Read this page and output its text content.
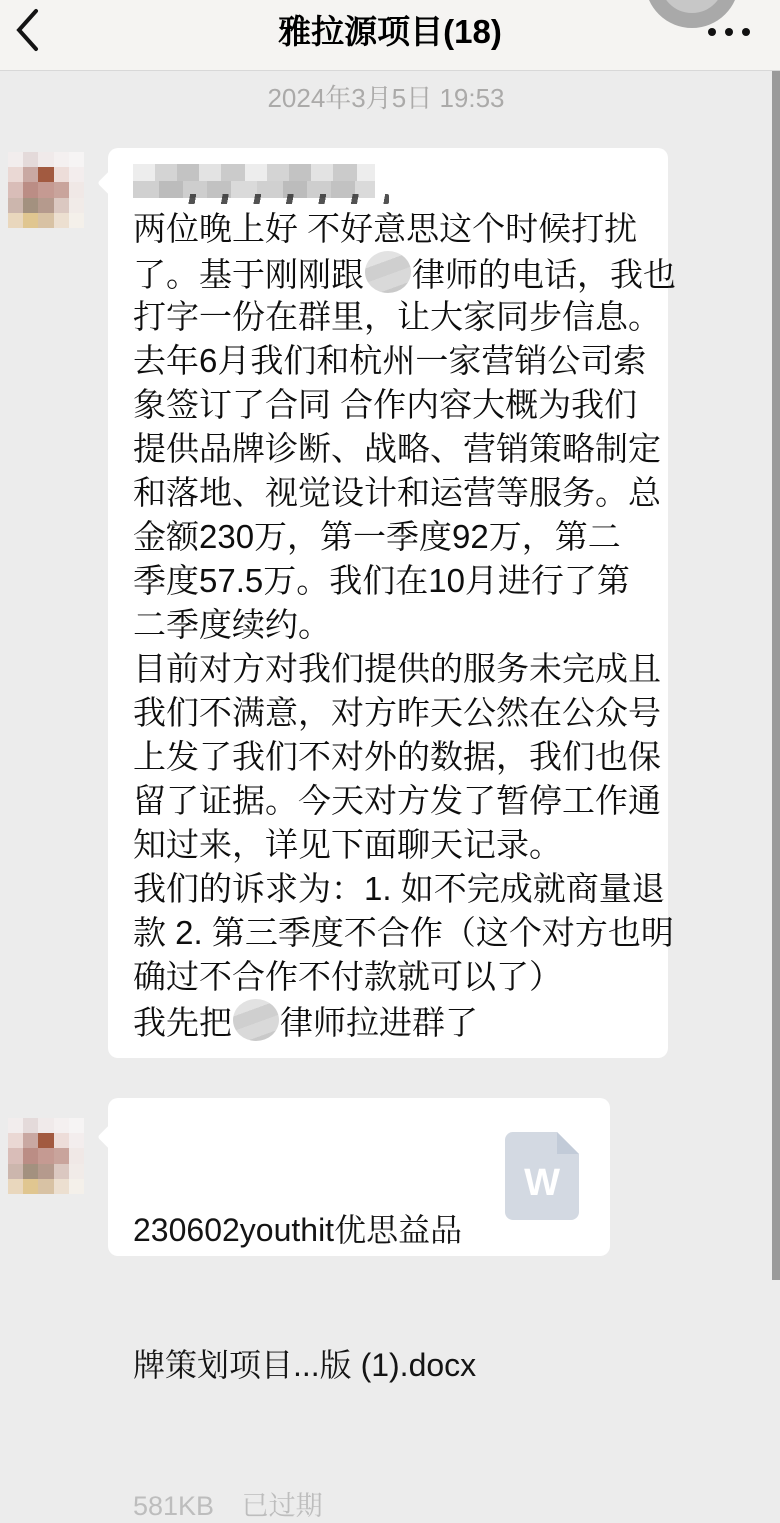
雅拉源项目(18)
2024年3月5日 19:53
两位晚上好 不好意思这个时候打扰
了。基于刚刚跟 律师的电话，我也
打字一份在群里，让大家同步信息。
去年6月我们和杭州一家营销公司索
象签订了合同 合作内容大概为我们
提供品牌诊断、战略、营销策略制定
和落地、视觉设计和运营等服务。总
金额230万，第一季度92万，第二
季度57.5万。我们在10月进行了第
二季度续约。
目前对方对我们提供的服务未完成且
我们不满意，对方昨天公然在公众号
上发了我们不对外的数据，我们也保
留了证据。今天对方发了暂停工作通
知过来，详见下面聊天记录。
我们的诉求为：1. 如不完成就商量退
款 2. 第三季度不合作（这个对方也明
确过不合作不付款就可以了）
我先把 律师拉进群了

230602youthit优思益品

牌策划项目...版 (1).docx

581KB 已过期
W
